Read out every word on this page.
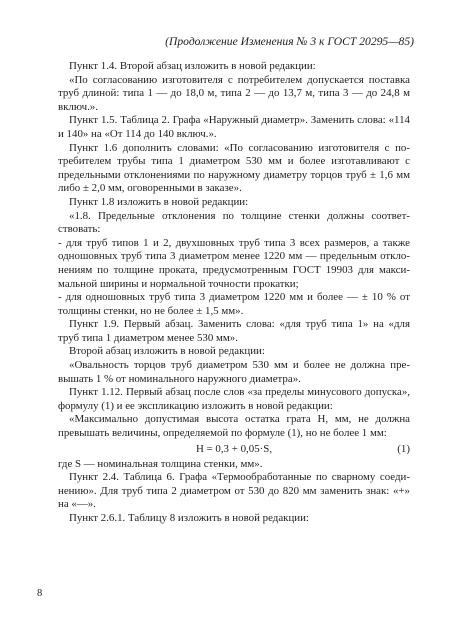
(Продолжение Изменения № 3 к ГОСТ 20295—85)

Пункт 1.4. Второй абзац изложить в новой редакции:

«По согласованию изготовителя с потребителем допускается поставка труб длиной: типа 1 — до 18,0 м, типа 2 — до 13,7 м, типа 3 — до 24,8 м включ.».

Пункт 1.5. Таблица 2. Графа «Наружный диаметр». Заменить слова: «114 и 140» на «От 114 до 140 включ.».

Пункт 1.6 дополнить словами: «По согласованию изготовителя с потребителем трубы типа 1 диаметром 530 мм и более изготавливают с предельными отклонениями по наружному диаметру торцов труб ± 1,6 мм либо ± 2,0 мм, оговоренными в заказе».

Пункт 1.8 изложить в новой редакции:

«1.8. Предельные отклонения по толщине стенки должны соответствовать:

- для труб типов 1 и 2, двухшовных труб типа 3 всех размеров, а также одношовных труб типа 3 диаметром менее 1220 мм — предельным отклонениям по толщине проката, предусмотренным ГОСТ 19903 для максимальной ширины и нормальной точности прокатки;

- для одношовных труб типа 3 диаметром 1220 мм и более — ± 10 % от толщины стенки, но не более ± 1,5 мм».

Пункт 1.9. Первый абзац. Заменить слова: «для труб типа 1» на «для труб типа 1 диаметром менее 530 мм».

Второй абзац изложить в новой редакции:

«Овальность торцов труб диаметром 530 мм и более не должна превышать 1 % от номинального наружного диаметра».

Пункт 1.12. Первый абзац после слов «за пределы минусового допуска», формулу (1) и ее экспликацию изложить в новой редакции:

«Максимально допустимая высота остатка грата H, мм, не должна превышать величины, определяемой по формуле (1), но не более 1 мм:

H = 0,3 + 0,05·S,	(1)

где S — номинальная толщина стенки, мм».

Пункт 2.4. Таблица 6. Графа «Термообработанные по сварному соединению». Для труб типа 2 диаметром от 530 до 820 мм заменить знак: «+» на «—».

Пункт 2.6.1. Таблицу 8 изложить в новой редакции:

8
